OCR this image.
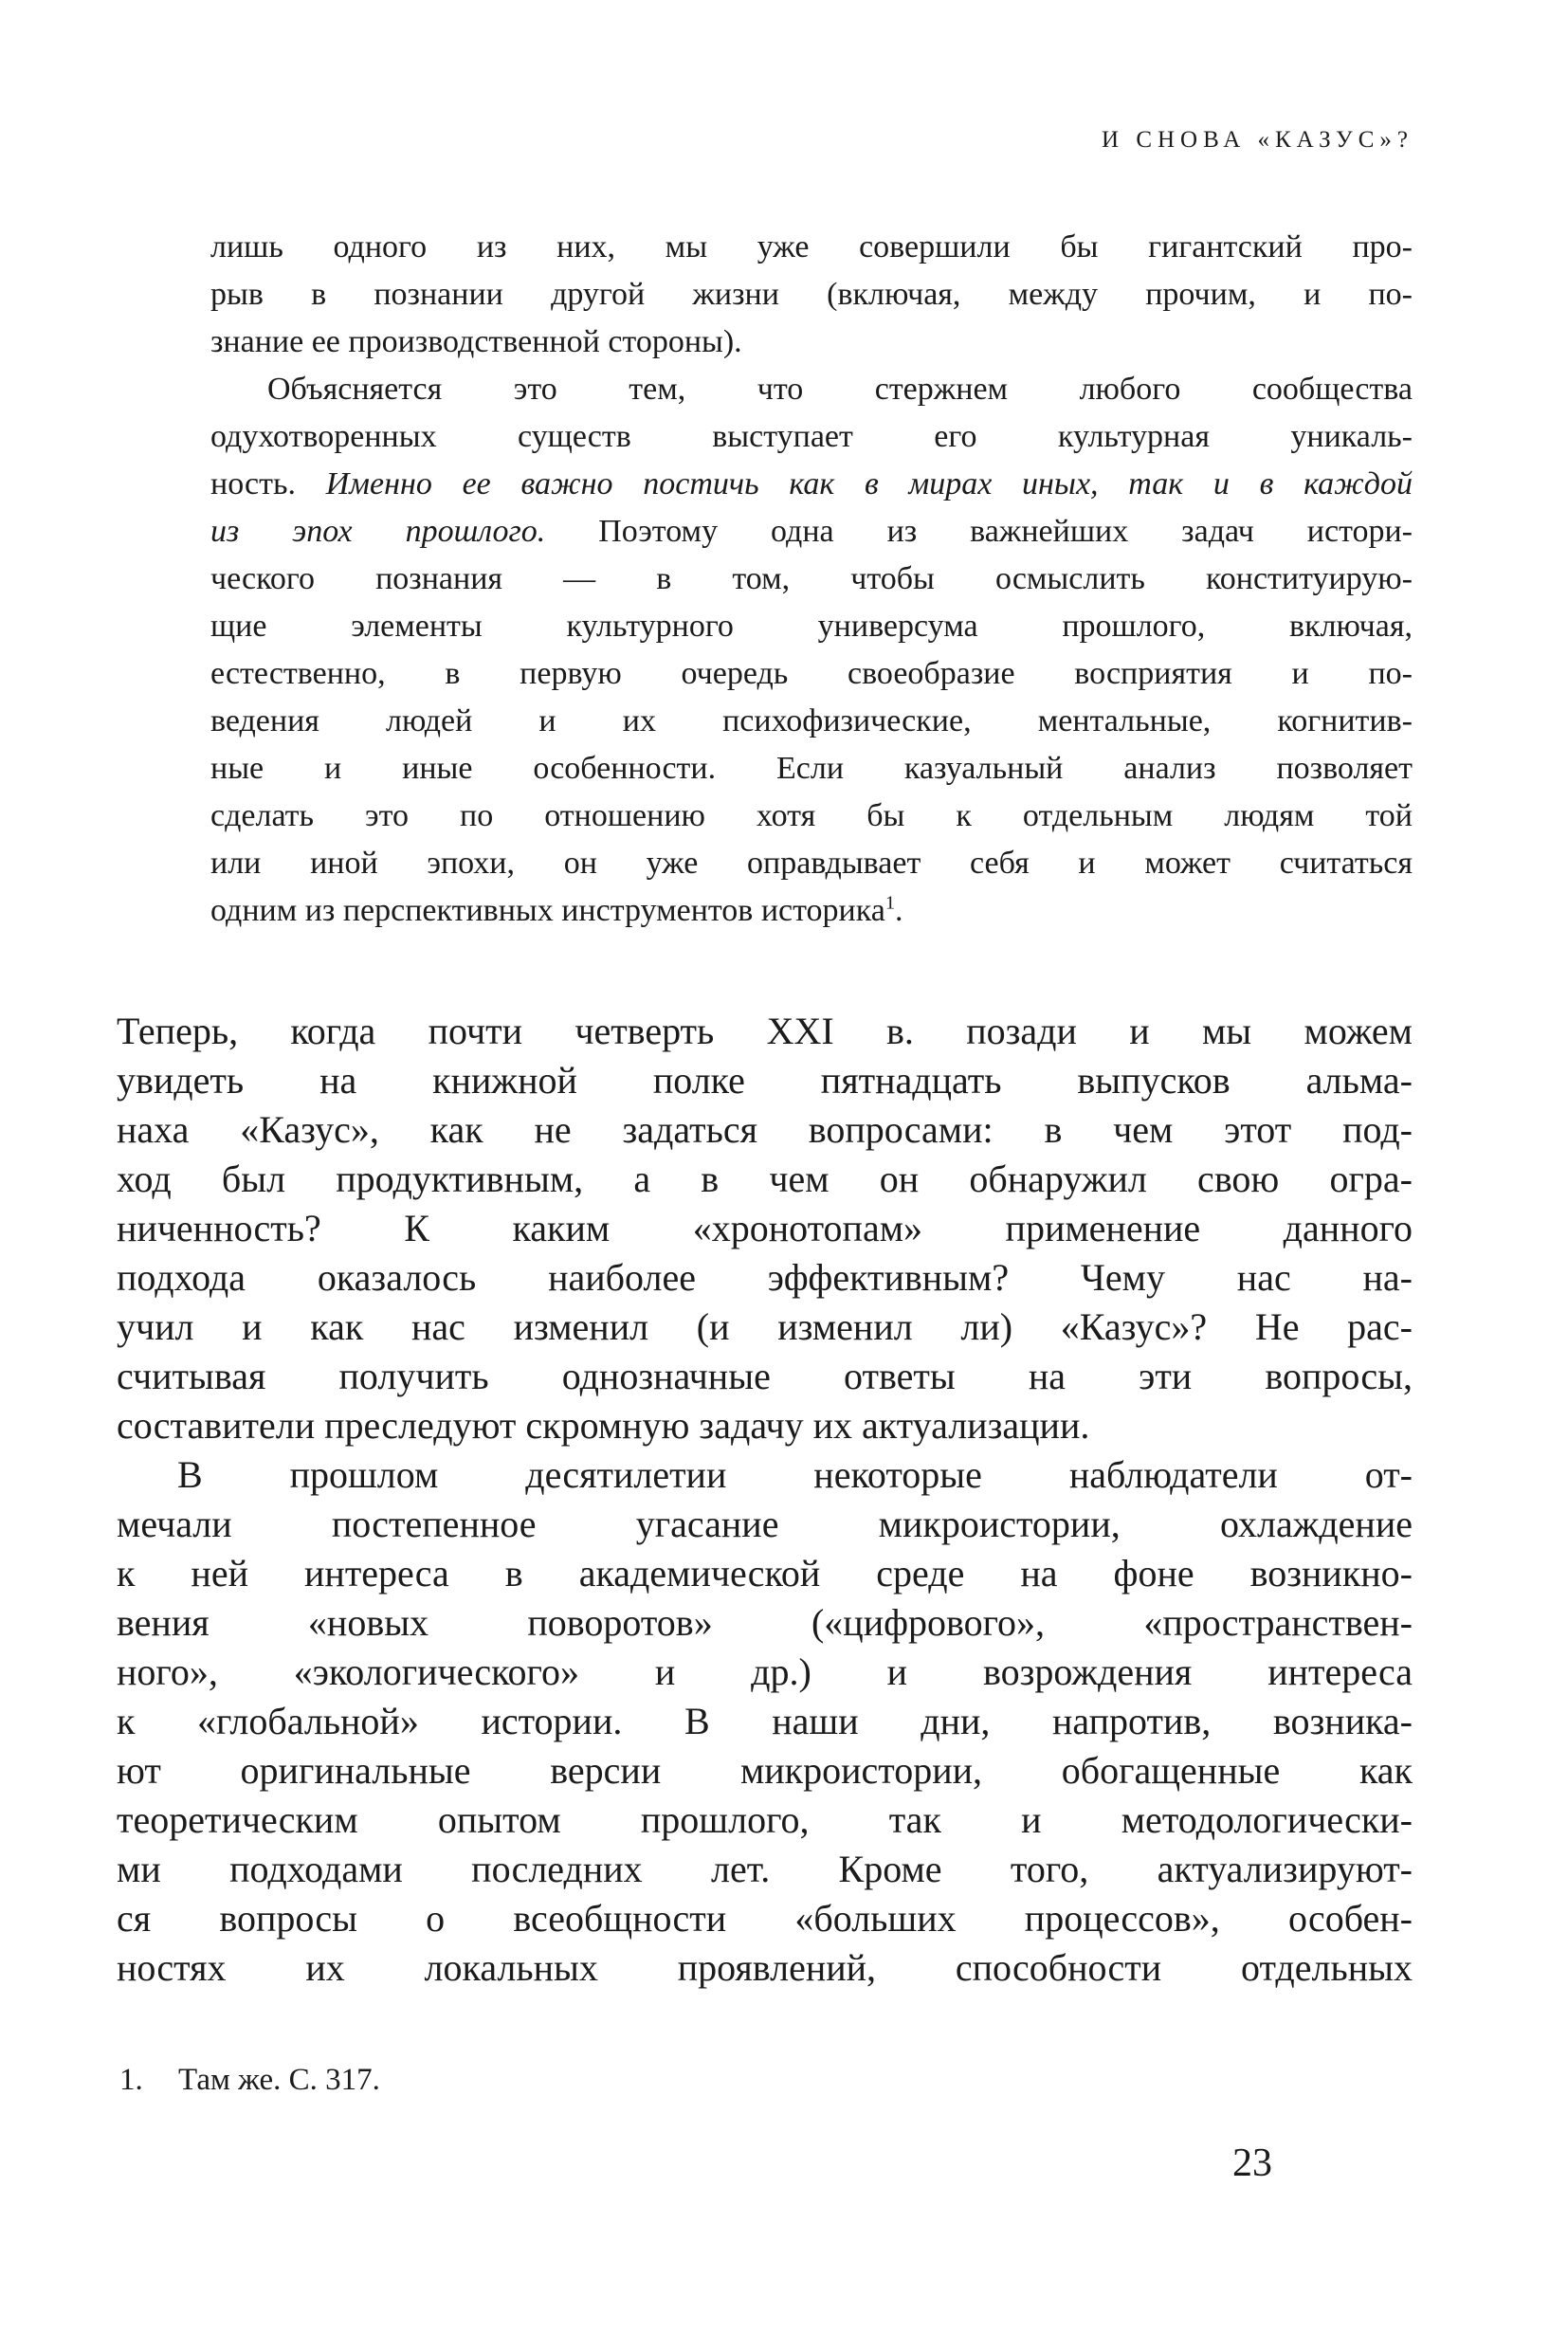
И СНОВА «КАЗУС»?
лишь одного из них, мы уже совершили бы гигантский про-
рыв в познании другой жизни (включая, между прочим, и по-
знание ее производственной стороны).
Объясняется это тем, что стержнем любого сообщества
одухотворенных существ выступает его культурная уникаль-
ность. Именно ее важно постичь как в мирах иных, так и в каждой
из эпох прошлого. Поэтому одна из важнейших задач истори-
ческого познания — в том, чтобы осмыслить конституирую-
щие элементы культурного универсума прошлого, включая,
естественно, в первую очередь своеобразие восприятия и по-
ведения людей и их психофизические, ментальные, когнитив-
ные и иные особенности. Если казуальный анализ позволяет
сделать это по отношению хотя бы к отдельным людям той
или иной эпохи, он уже оправдывает себя и может считаться
одним из перспективных инструментов историка$^1$.
Теперь, когда почти четверть XXI в. позади и мы можем
увидеть на книжной полке пятнадцать выпусков альма-
наха «Казус», как не задаться вопросами: в чем этот под-
ход был продуктивным, а в чем он обнаружил свою огра-
ниченность? К каким «хронотопам» применение данного
подхода оказалось наиболее эффективным? Чему нас на-
учил и как нас изменил (и изменил ли) «Казус»? Не рас-
считывая получить однозначные ответы на эти вопросы,
составители преследуют скромную задачу их актуализации.
В прошлом десятилетии некоторые наблюдатели от-
мечали постепенное угасание микроистории, охлаждение
к ней интереса в академической среде на фоне возникно-
вения «новых поворотов» («цифрового», «пространствен-
ного», «экологического» и др.) и возрождения интереса
к «глобальной» истории. В наши дни, напротив, возника-
ют оригинальные версии микроистории, обогащенные как
теоретическим опытом прошлого, так и методологически-
ми подходами последних лет. Кроме того, актуализируют-
ся вопросы о всеобщности «больших процессов», особен-
ностях их локальных проявлений, способности отдельных
1.	Там же. С. 317.
23
